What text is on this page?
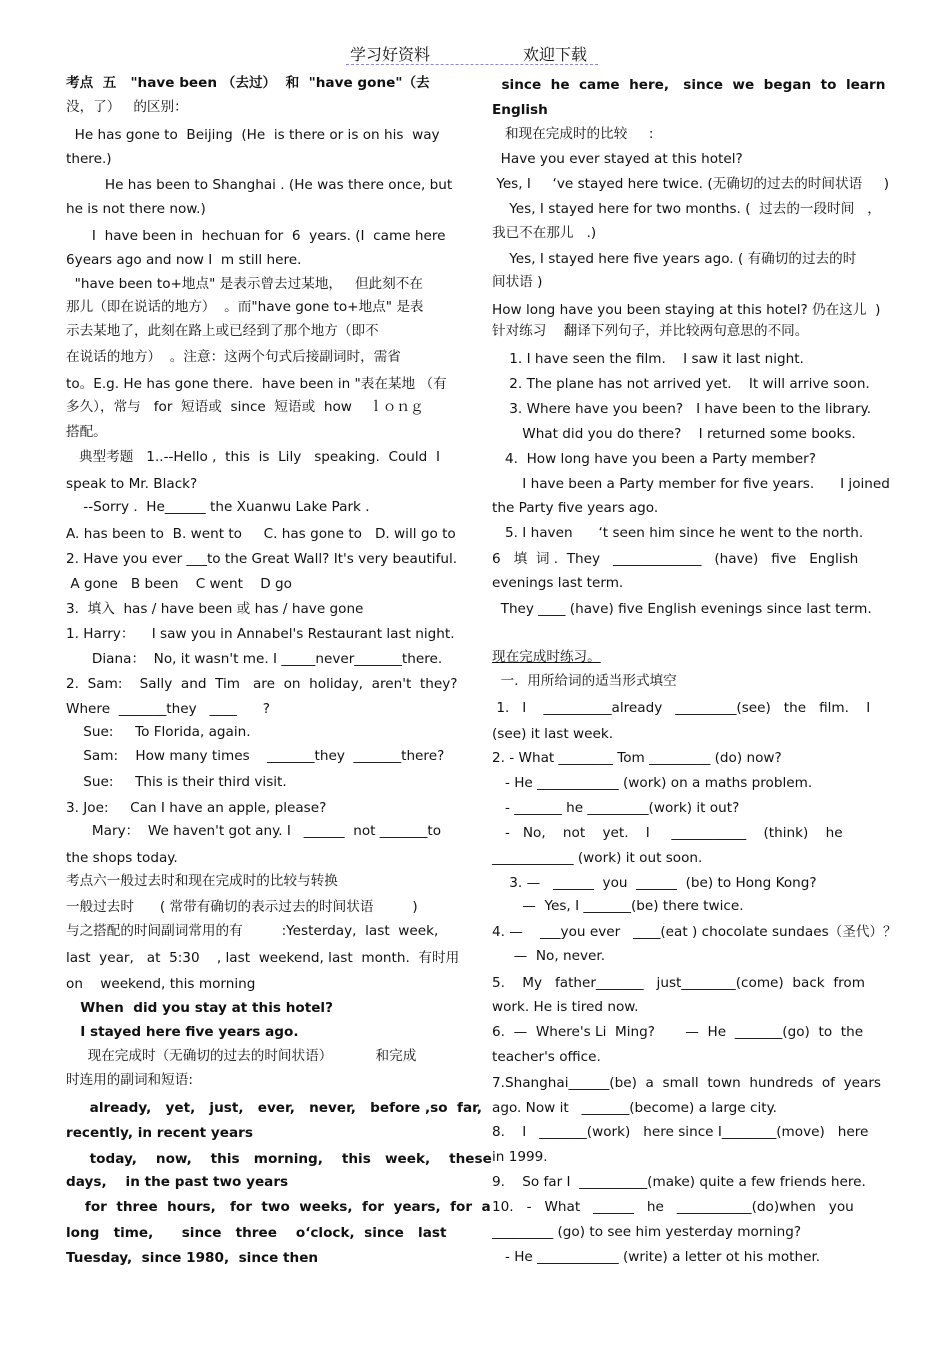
学习好资料	欢迎下载
考点  五   "have been （去过）  和  "have gone"（去
没，了）   的区别：
He has gone to  Beijing  (He  is there or is on his  way
there.)
He has been to Shanghai . (He was there once, but
he is not there now.)
I  have been in  hechuan for  6  years. (I  came here
6years ago and now I  m still here.
"have been to+地点" 是表示曾去过某地，   但此刻不在
那儿（即在说话的地方）  。而"have gone to+地点" 是表
示去某地了，此刻在路上或已经到了那个地方（即不
在说话的地方）  。注意：这两个句式后接副词时，需省
to。E.g. He has gone there.  have been in "表在某地 （有
多久），常与   for  短语或  since  短语或  how    ｌｏｎｇ
搭配。
典型考题   1..--Hello ,  this  is  Lily   speaking.  Could  I
speak to Mr. Black?
--Sorry .  He______ the Xuanwu Lake Park .
A. has been to  B. went to     C. has gone to   D. will go to
2. Have you ever ___to the Great Wall? It's very beautiful.
A gone   B been    C went    D go
3.  填入  has / have been 或 has / have gone
1. Harry：    I saw you in Annabel's Restaurant last night.
Diana：  No, it wasn't me. I _____never_______there.
2.  Sam:    Sally  and  Tim   are  on  holiday,  aren't  they?
Where  _______they   ____      ?
Sue:     To Florida, again.
Sam:    How many times    _______they  _______there?
Sue:     This is their third visit.
3. Joe:     Can I have an apple, please?
Mary：  We haven't got any. I   ______  not _______to
the shops today.
考点六一般过去时和现在完成时的比较与转换
一般过去时      ( 常带有确切的表示过去的时间状语         )
与之搭配的时间副词常用的有         :Yesterday,  last  week,
last  year,   at  5:30    , last  weekend, last  month.  有时用
on    weekend, this morning
When  did you stay at this hotel?
I stayed here five years ago.
现在完成时（无确切的过去的时间状语）          和完成
时连用的副词和短语:
already,   yet,   just,   ever,   never,   before ,so  far,
recently, in recent years
today,    now,    this   morning,    this   week,    these
days,    in the past two years
for  three  hours,   for  two  weeks,  for  years,  for  a
long   time,      since   three    o‘clock,  since   last
Tuesday,  since 1980,  since then
since  he  came  here,   since  we  began  to  learn
English
和现在完成时的比较     :
Have you ever stayed at this hotel?
Yes, I     ‘ve stayed here twice. (无确切的过去的时间状语     )
Yes, I stayed here for two months. (  过去的一段时间   ，
我已不在那儿   .)
Yes, I stayed here five years ago. ( 有确切的过去的时
间状语 )
How long have you been staying at this hotel? 仍在这儿  )
针对练习    翻译下列句子，并比较两句意思的不同。
1. I have seen the film.    I saw it last night.
2. The plane has not arrived yet.    It will arrive soon.
3. Where have you been?   I have been to the library.
What did you do there?    I returned some books.
4.  How long have you been a Party member?
I have been a Party member for five years.      I joined
the Party five years ago.
5. I haven      ‘t seen him since he went to the north.
6   填  词 .  They   _____________   (have)   five   English
evenings last term.
They ____ (have) five English evenings since last term.
现在完成时练习。
一.  用所给词的适当形式填空
1.   I    __________already   _________(see)   the   film.    I
(see) it last week.
2. - What ________ Tom _________ (do) now?
- He ____________ (work) on a maths problem.
- _______ he _________(work) it out?
-   No,    not    yet.    I     ___________    (think)    he
____________ (work) it out soon.
3. —   ______  you  ______  (be) to Hong Kong?
—  Yes, I _______(be) there twice.
4. —    ___you ever   ____(eat ) chocolate sundaes（圣代）？
—  No, never.
5.    My   father_______   just________(come)  back  from
work. He is tired now.
6.  —  Where's Li  Ming?       —  He  _______(go)  to  the
teacher's office.
7.Shanghai______(be)  a  small  town  hundreds  of  years
ago. Now it   _______(become) a large city.
8.    I   _______(work)   here since I________(move)   here
in 1999.
9.    So far I  __________(make) quite a few friends here.
10.   -   What   ______   he   ___________(do)when   you
_________ (go) to see him yesterday morning?
- He ____________ (write) a letter ot his mother.
